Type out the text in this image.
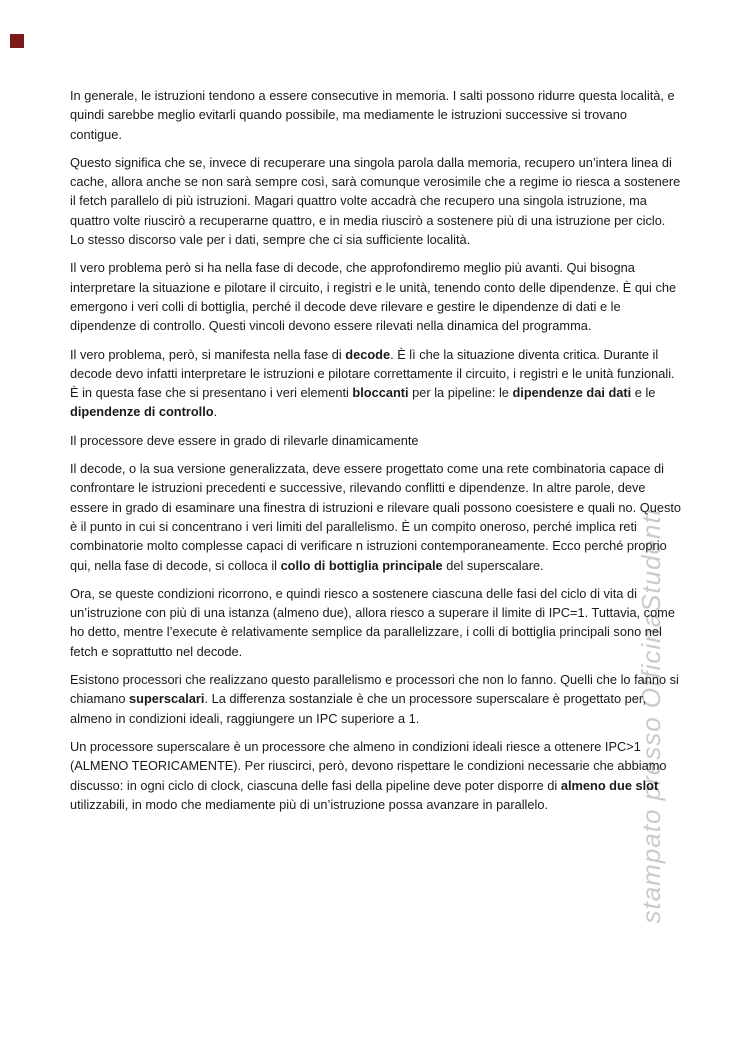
stampato presso OfficinaStudenti

In generale, le istruzioni tendono a essere consecutive in memoria. I salti possono ridurre questa località, e quindi sarebbe meglio evitarli quando possibile, ma mediamente le istruzioni successive si trovano contigue.

Questo significa che se, invece di recuperare una singola parola dalla memoria, recupero un’intera linea di cache, allora anche se non sarà sempre così, sarà comunque verosimile che a regime io riesca a sostenere il fetch parallelo di più istruzioni. Magari quattro volte accadrà che recupero una singola istruzione, ma quattro volte riuscirò a recuperarne quattro, e in media riuscirò a sostenere più di una istruzione per ciclo. Lo stesso discorso vale per i dati, sempre che ci sia sufficiente località.

Il vero problema però si ha nella fase di decode, che approfondiremo meglio più avanti. Qui bisogna interpretare la situazione e pilotare il circuito, i registri e le unità, tenendo conto delle dipendenze. È qui che emergono i veri colli di bottiglia, perché il decode deve rilevare e gestire le dipendenze di dati e le dipendenze di controllo. Questi vincoli devono essere rilevati nella dinamica del programma.

Il vero problema, però, si manifesta nella fase di decode. È lì che la situazione diventa critica. Durante il decode devo infatti interpretare le istruzioni e pilotare correttamente il circuito, i registri e le unità funzionali. È in questa fase che si presentano i veri elementi bloccanti per la pipeline: le dipendenze dai dati e le dipendenze di controllo.

Il processore deve essere in grado di rilevarle dinamicamente

Il decode, o la sua versione generalizzata, deve essere progettato come una rete combinatoria capace di confrontare le istruzioni precedenti e successive, rilevando conflitti e dipendenze. In altre parole, deve essere in grado di esaminare una finestra di istruzioni e rilevare quali possono coesistere e quali no. Questo è il punto in cui si concentrano i veri limiti del parallelismo. È un compito oneroso, perché implica reti combinatorie molto complesse capaci di verificare n istruzioni contemporaneamente. Ecco perché proprio qui, nella fase di decode, si colloca il collo di bottiglia principale del superscalare.

Ora, se queste condizioni ricorrono, e quindi riesco a sostenere ciascuna delle fasi del ciclo di vita di un’istruzione con più di una istanza (almeno due), allora riesco a superare il limite di IPC=1. Tuttavia, come ho detto, mentre l’execute è relativamente semplice da parallelizzare, i colli di bottiglia principali sono nel fetch e soprattutto nel decode.

Esistono processori che realizzano questo parallelismo e processori che non lo fanno. Quelli che lo fanno si chiamano superscalari. La differenza sostanziale è che un processore superscalare è progettato per, almeno in condizioni ideali, raggiungere un IPC superiore a 1.

Un processore superscalare è un processore che almeno in condizioni ideali riesce a ottenere IPC>1 (ALMENO TEORICAMENTE). Per riuscirci, però, devono rispettare le condizioni necessarie che abbiamo discusso: in ogni ciclo di clock, ciascuna delle fasi della pipeline deve poter disporre di almeno due slot utilizzabili, in modo che mediamente più di un’istruzione possa avanzare in parallelo.
